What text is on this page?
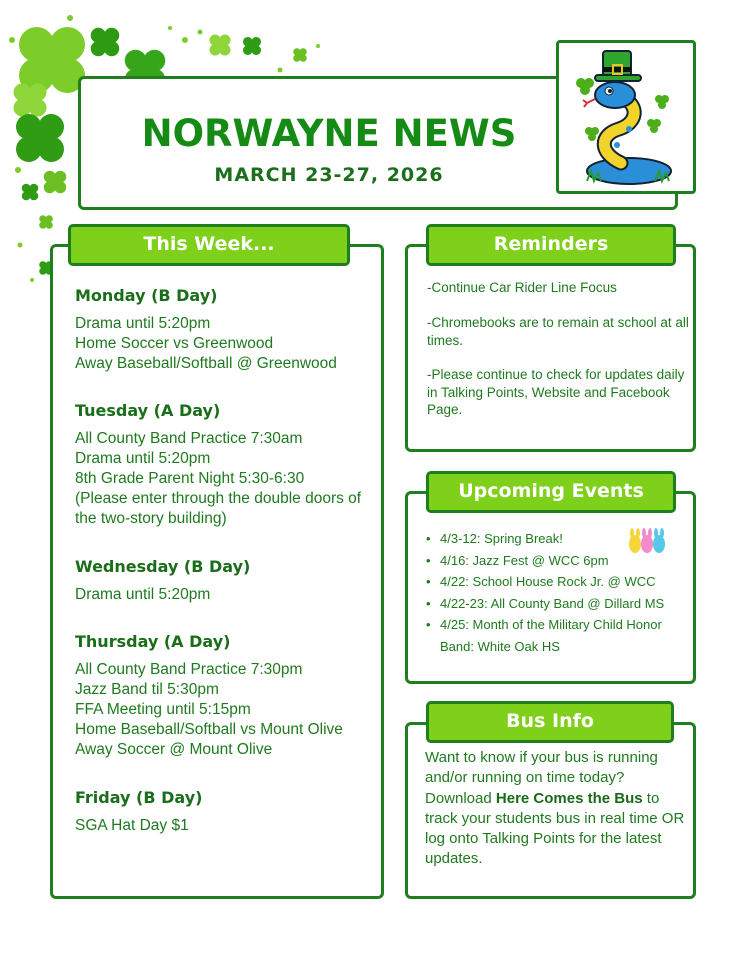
NORWAYNE NEWS
MARCH 23-27, 2026
This Week...
Monday (B Day)
Drama until 5:20pm
Home Soccer vs Greenwood
Away Baseball/Softball @ Greenwood
Tuesday (A Day)
All County Band Practice 7:30am
Drama until 5:20pm
8th Grade Parent Night 5:30-6:30
(Please enter through the double doors of
the two-story building)
Wednesday (B Day)
Drama until 5:20pm
Thursday (A Day)
All County Band Practice 7:30pm
Jazz Band til 5:30pm
FFA Meeting until 5:15pm
Home Baseball/Softball vs Mount Olive
Away Soccer @ Mount Olive
Friday (B Day)
SGA Hat Day $1
Reminders
-Continue Car Rider Line Focus
-Chromebooks are to remain at school at all times.
-Please continue to check for updates daily in Talking Points, Website and Facebook Page.
Upcoming Events
• 4/3-12: Spring Break!
• 4/16: Jazz Fest @ WCC 6pm
• 4/22: School House Rock Jr. @ WCC
• 4/22-23: All County Band @ Dillard MS
• 4/25: Month of the Military Child Honor Band: White Oak HS
Bus Info
Want to know if your bus is running and/or running on time today?
Download Here Comes the Bus to track your students bus in real time OR log onto Talking Points for the latest updates.
